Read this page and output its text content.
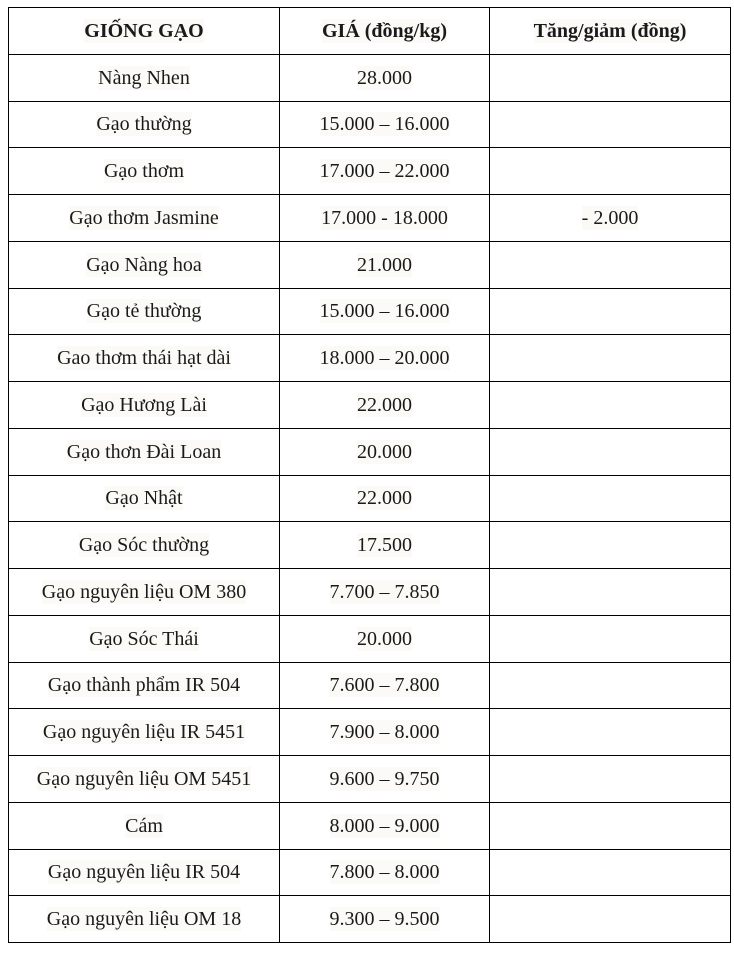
GIỐNG GẠO	GIÁ (đồng/kg)	Tăng/giảm (đồng)
Nàng Nhen	28.000	
Gạo thường	15.000 – 16.000	
Gạo thơm	17.000 – 22.000	
Gạo thơm Jasmine	17.000 - 18.000	- 2.000
Gạo Nàng hoa	21.000	
Gạo tẻ thường	15.000 – 16.000	
Gao thơm thái hạt dài	18.000 – 20.000	
Gạo Hương Lài	22.000	
Gạo thơn Đài Loan	20.000	
Gạo Nhật	22.000	
Gạo Sóc thường	17.500	
Gạo nguyên liệu OM 380	7.700 – 7.850	
Gạo Sóc Thái	20.000	
Gạo thành phẩm IR 504	7.600 – 7.800	
Gạo nguyên liệu IR 5451	7.900 – 8.000	
Gạo nguyên liệu OM 5451	9.600 – 9.750	
Cám	8.000 – 9.000	
Gạo nguyên liệu IR 504	7.800 – 8.000	
Gạo nguyên liệu OM 18	9.300 – 9.500	
